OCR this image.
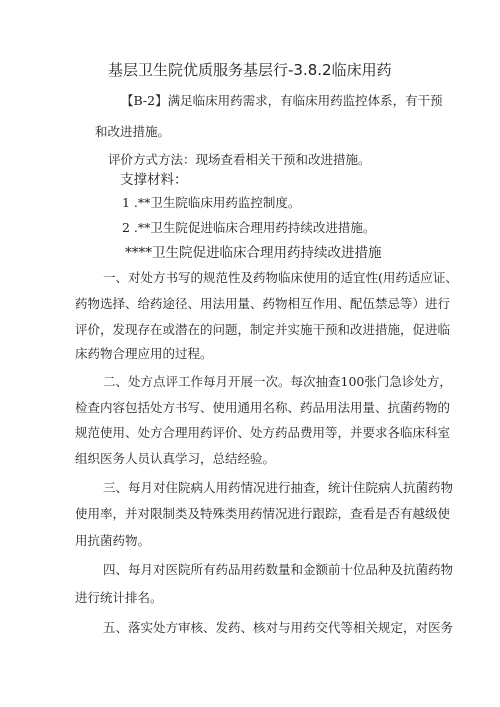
基层卫生院优质服务基层行-3.8.2临床用药
【B-2】满足临床用药需求，有临床用药监控体系，有干预
和改进措施。
评价方式方法：现场查看相关干预和改进措施。
支撑材料：
1 .**卫生院临床用药监控制度。
2 .**卫生院促进临床合理用药持续改进措施。
****卫生院促进临床合理用药持续改进措施
一、对处方书写的规范性及药物临床使用的适宜性(用药适应证、
药物选择、给药途径、用法用量、药物相互作用、配伍禁忌等）进行
评价，发现存在或潜在的问题，制定并实施干预和改进措施，促进临
床药物合理应用的过程。
二、处方点评工作每月开展一次。每次抽查100张门急诊处方，
检查内容包括处方书写、使用通用名称、药品用法用量、抗菌药物的
规范使用、处方合理用药评价、处方药品费用等，并要求各临床科室
组织医务人员认真学习，总结经验。
三、每月对住院病人用药情况进行抽查，统计住院病人抗菌药物
使用率，并对限制类及特殊类用药情况进行跟踪，查看是否有越级使
用抗菌药物。
四、每月对医院所有药品用药数量和金额前十位品种及抗菌药物
进行统计排名。
五、落实处方审核、发药、核对与用药交代等相关规定，对医务
